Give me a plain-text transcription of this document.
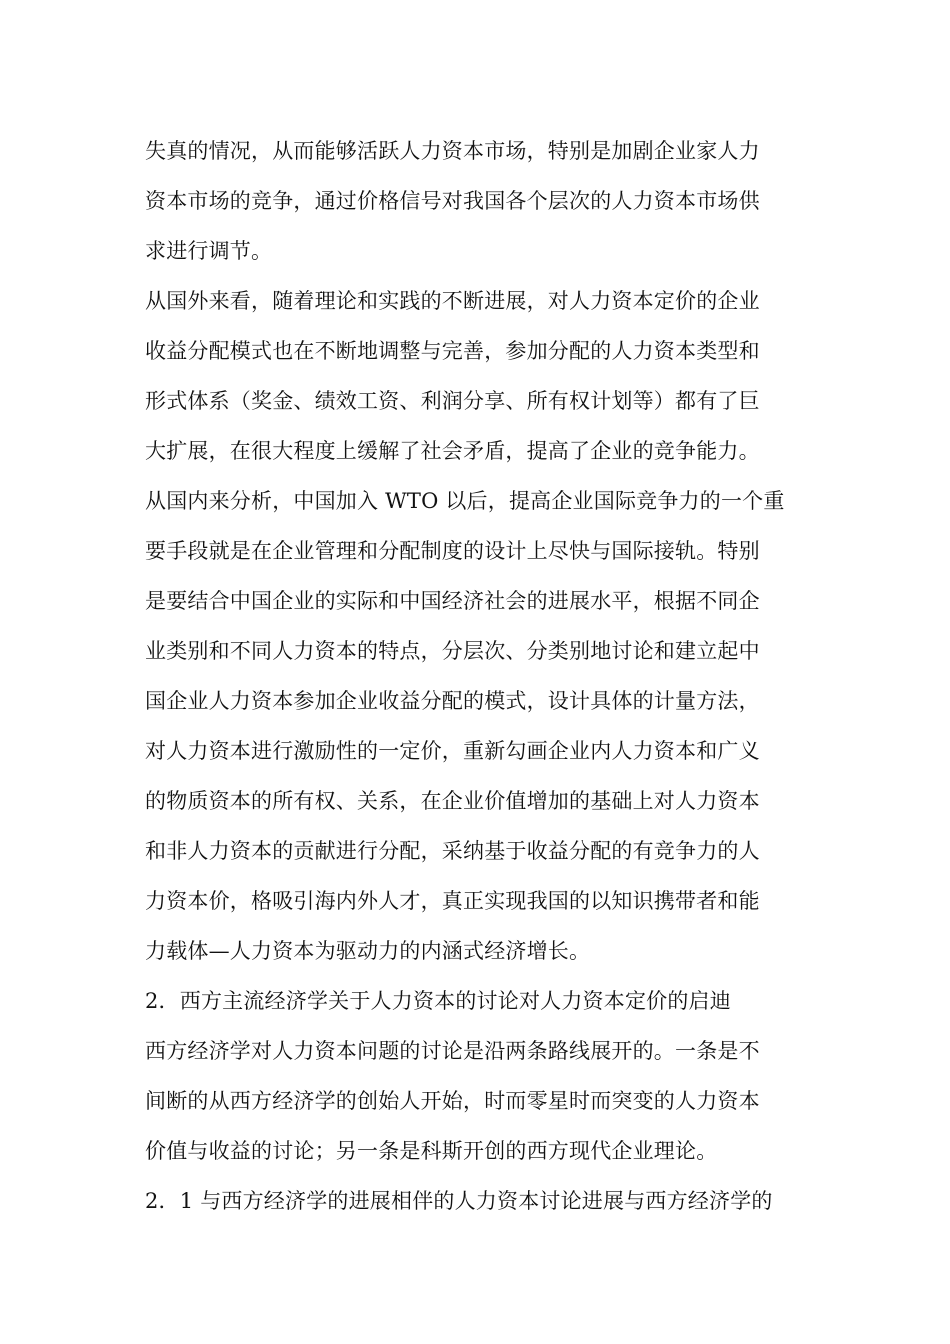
失真的情况，从而能够活跃人力资本市场，特别是加剧企业家人力
资本市场的竞争，通过价格信号对我国各个层次的人力资本市场供
求进行调节。
从国外来看，随着理论和实践的不断进展，对人力资本定价的企业
收益分配模式也在不断地调整与完善，参加分配的人力资本类型和
形式体系（奖金、绩效工资、利润分享、所有权计划等）都有了巨
大扩展，在很大程度上缓解了社会矛盾，提高了企业的竞争能力。
从国内来分析，中国加入 WTO 以后，提高企业国际竞争力的一个重
要手段就是在企业管理和分配制度的设计上尽快与国际接轨。特别
是要结合中国企业的实际和中国经济社会的进展水平，根据不同企
业类别和不同人力资本的特点，分层次、分类别地讨论和建立起中
国企业人力资本参加企业收益分配的模式，设计具体的计量方法，
对人力资本进行激励性的一定价，重新勾画企业内人力资本和广义
的物质资本的所有权、关系，在企业价值增加的基础上对人力资本
和非人力资本的贡献进行分配，采纳基于收益分配的有竞争力的人
力资本价，格吸引海内外人才，真正实现我国的以知识携带者和能
力载体—人力资本为驱动力的内涵式经济增长。
2．西方主流经济学关于人力资本的讨论对人力资本定价的启迪
西方经济学对人力资本问题的讨论是沿两条路线展开的。一条是不
间断的从西方经济学的创始人开始，时而零星时而突变的人力资本
价值与收益的讨论；另一条是科斯开创的西方现代企业理论。
2．1 与西方经济学的进展相伴的人力资本讨论进展与西方经济学的
